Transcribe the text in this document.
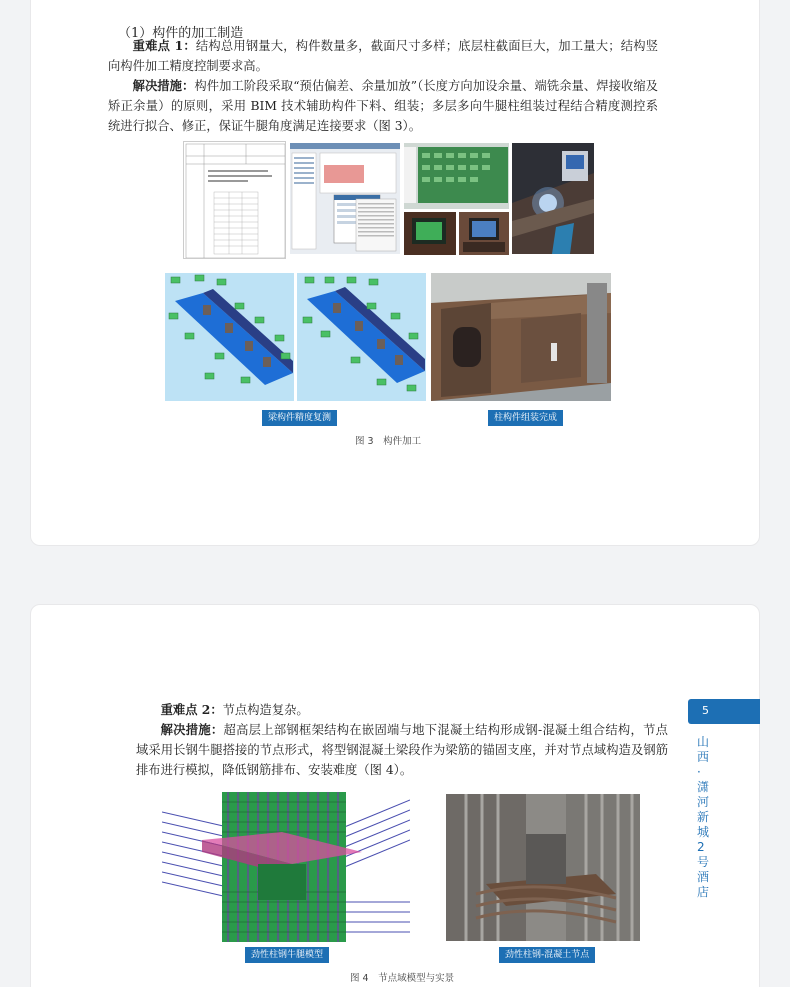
（1）构件的加工制造
重难点 1：结构总用钢量大，构件数量多，截面尺寸多样；底层柱截面巨大，加工量大；结构竖向构件加工精度控制要求高。
解决措施：构件加工阶段采取“预估偏差、余量加放”（长度方向加设余量、端铣余量、焊接收缩及矫正余量）的原则，采用 BIM 技术辅助构件下料、组装；多层多向牛腿柱组装过程结合精度测控系统进行拟合、修正，保证牛腿角度满足连接要求（图 3）。
梁构件精度复测	柱构件组装完成
图 3　构件加工
重难点 2：节点构造复杂。
解决措施：超高层上部钢框架结构在嵌固端与地下混凝土结构形成钢-混凝土组合结构，节点域采用长钢牛腿搭接的节点形式，将型钢混凝土梁段作为梁筋的锚固支座，并对节点域构造及钢筋排布进行模拟，降低钢筋排布、安装难度（图 4）。
劲性柱钢牛腿模型	劲性柱钢-混凝土节点
图 4　节点域模型与实景
5
山西·潇河新城2号酒店
